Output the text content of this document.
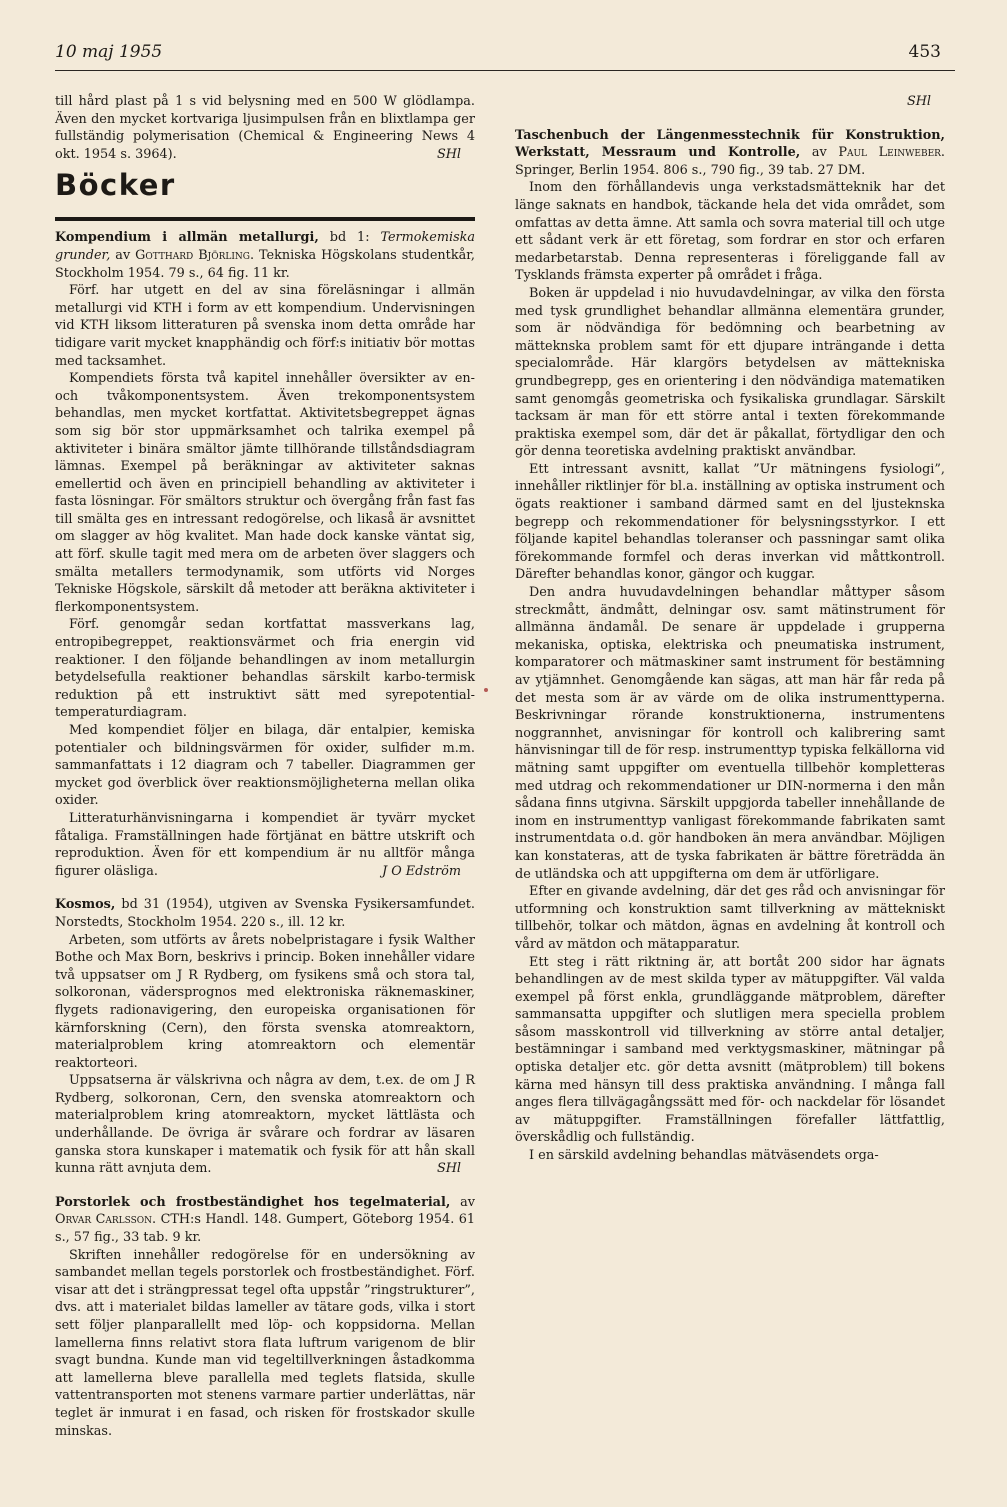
10 maj 1955	453

till hård plast på 1 s vid belysning med en 500 W glödlampa. Även den mycket kortvariga ljusimpulsen från en blixtlampa ger fullständig polymerisation (Chemical & Engineering News 4 okt. 1954 s. 3964).	SHl

Böcker

Kompendium i allmän metallurgi, bd 1: Termokemiska grunder, av Gotthard Björling. Tekniska Högskolans studentkår, Stockholm 1954. 79 s., 64 fig. 11 kr.

Förf. har utgett en del av sina föreläsningar i allmän metallurgi vid KTH i form av ett kompendium. Undervisningen vid KTH liksom litteraturen på svenska inom detta område har tidigare varit mycket knapphändig och förf:s initiativ bör mottas med tacksamhet.

Kompendiets första två kapitel innehåller översikter av en- och tvåkomponentsystem. Även trekomponentsystem behandlas, men mycket kortfattat. Aktivitetsbegreppet ägnas som sig bör stor uppmärksamhet och talrika exempel på aktiviteter i binära smältor jämte tillhörande tillståndsdiagram lämnas. Exempel på beräkningar av aktiviteter saknas emellertid och även en principiell behandling av aktiviteter i fasta lösningar. För smältors struktur och övergång från fast fas till smälta ges en intressant redogörelse, och likaså är avsnittet om slagger av hög kvalitet. Man hade dock kanske väntat sig, att förf. skulle tagit med mera om de arbeten över slaggers och smälta metallers termodynamik, som utförts vid Norges Tekniske Högskole, särskilt då metoder att beräkna aktiviteter i flerkomponentsystem.

Förf. genomgår sedan kortfattat massverkans lag, entropibegreppet, reaktionsvärmet och fria energin vid reaktioner. I den följande behandlingen av inom metallurgin betydelsefulla reaktioner behandlas särskilt karbo-termisk reduktion på ett instruktivt sätt med syrepotential-temperaturdiagram.

Med kompendiet följer en bilaga, där entalpier, kemiska potentialer och bildningsvärmen för oxider, sulfider m.m. sammanfattats i 12 diagram och 7 tabeller. Diagrammen ger mycket god överblick över reaktionsmöjligheterna mellan olika oxider.

Litteraturhänvisningarna i kompendiet är tyvärr mycket fåtaliga. Framställningen hade förtjänat en bättre utskrift och reproduktion. Även för ett kompendium är nu alltför många figurer oläsliga.	J O Edström

Kosmos, bd 31 (1954), utgiven av Svenska Fysikersamfundet. Norstedts, Stockholm 1954. 220 s., ill. 12 kr.

Arbeten, som utförts av årets nobelpristagare i fysik Walther Bothe och Max Born, beskrivs i princip. Boken innehåller vidare två uppsatser om J R Rydberg, om fysikens små och stora tal, solkoronan, vädersprognos med elektroniska räknemaskiner, flygets radionavigering, den europeiska organisationen för kärnforskning (Cern), den första svenska atomreaktorn, materialproblem kring atomreaktorn och elementär reaktorteori.

Uppsatserna är välskrivna och några av dem, t.ex. de om J R Rydberg, solkoronan, Cern, den svenska atomreaktorn och materialproblem kring atomreaktorn, mycket lättlästa och underhållande. De övriga är svårare och fordrar av läsaren ganska stora kunskaper i matematik och fysik för att hån skall kunna rätt avnjuta dem.	SHl

Porstorlek och frostbeständighet hos tegelmaterial, av Orvar Carlsson. CTH:s Handl. 148. Gumpert, Göteborg 1954. 61 s., 57 fig., 33 tab. 9 kr.

Skriften innehåller redogörelse för en undersökning av sambandet mellan tegels porstorlek och frostbeständighet. Förf. visar att det i strängpressat tegel ofta uppstår ”ringstrukturer”, dvs. att i materialet bildas lameller av tätare gods, vilka i stort sett följer planparallellt med löp- och koppsidorna. Mellan lamellerna finns relativt stora flata luftrum varigenom de blir svagt bundna. Kunde man vid tegeltillverkningen åstadkomma att lamellerna bleve parallella med teglets flatsida, skulle vattentransporten mot stenens varmare partier underlättas, när teglet är inmurat i en fasad, och risken för frostskador skulle minskas.

SHl

Taschenbuch der Längenmesstechnik für Konstruktion, Werkstatt, Messraum und Kontrolle, av Paul Leinweber. Springer, Berlin 1954. 806 s., 790 fig., 39 tab. 27 DM.

Inom den förhållandevis unga verkstadsmätteknik har det länge saknats en handbok, täckande hela det vida området, som omfattas av detta ämne. Att samla och sovra material till och utge ett sådant verk är ett företag, som fordrar en stor och erfaren medarbetarstab. Denna representeras i föreliggande fall av Tysklands främsta experter på området i fråga.

Boken är uppdelad i nio huvudavdelningar, av vilka den första med tysk grundlighet behandlar allmänna elementära grunder, som är nödvändiga för bedömning och bearbetning av mätteknska problem samt för ett djupare inträngande i detta specialområde. Här klargörs betydelsen av mättekniska grundbegrepp, ges en orientering i den nödvändiga matematiken samt genomgås geometriska och fysikaliska grundlagar. Särskilt tacksam är man för ett större antal i texten förekommande praktiska exempel som, där det är påkallat, förtydligar den och gör denna teoretiska avdelning praktiskt användbar.

Ett intressant avsnitt, kallat ”Ur mätningens fysiologi”, innehåller riktlinjer för bl.a. inställning av optiska instrument och ögats reaktioner i samband därmed samt en del ljusteknska begrepp och rekommendationer för belysningsstyrkor. I ett följande kapitel behandlas toleranser och passningar samt olika förekommande formfel och deras inverkan vid måttkontroll. Därefter behandlas konor, gängor och kuggar.

Den andra huvudavdelningen behandlar måttyper såsom streckmått, ändmått, delningar osv. samt mätinstrument för allmänna ändamål. De senare är uppdelade i grupperna mekaniska, optiska, elektriska och pneumatiska instrument, komparatorer och mätmaskiner samt instrument för bestämning av ytjämnhet. Genomgående kan sägas, att man här får reda på det mesta som är av värde om de olika instrumenttyperna. Beskrivningar rörande konstruktionerna, instrumentens noggrannhet, anvisningar för kontroll och kalibrering samt hänvisningar till de för resp. instrumenttyp typiska felkällorna vid mätning samt uppgifter om eventuella tillbehör kompletteras med utdrag och rekommendationer ur DIN-normerna i den mån sådana finns utgivna. Särskilt uppgjorda tabeller innehållande de inom en instrumenttyp vanligast förekommande fabrikaten samt instrumentdata o.d. gör handboken än mera användbar. Möjligen kan konstateras, att de tyska fabrikaten är bättre företrädda än de utländska och att uppgifterna om dem är utförligare.

Efter en givande avdelning, där det ges råd och anvisningar för utformning och konstruktion samt tillverkning av mättekniskt tillbehör, tolkar och mätdon, ägnas en avdelning åt kontroll och vård av mätdon och mätapparatur.

Ett steg i rätt riktning är, att bortåt 200 sidor har ägnats behandlingen av de mest skilda typer av mätuppgifter. Väl valda exempel på först enkla, grundläggande mätproblem, därefter sammansatta uppgifter och slutligen mera speciella problem såsom masskontroll vid tillverkning av större antal detaljer, bestämningar i samband med verktygsmaskiner, mätningar på optiska detaljer etc. gör detta avsnitt (mätproblem) till bokens kärna med hänsyn till dess praktiska användning. I många fall anges flera tillvägagångssätt med för- och nackdelar för lösandet av mätuppgifter. Framställningen förefaller lättfattlig, överskådlig och fullständig.

I en särskild avdelning behandlas mätväsendets orga-
